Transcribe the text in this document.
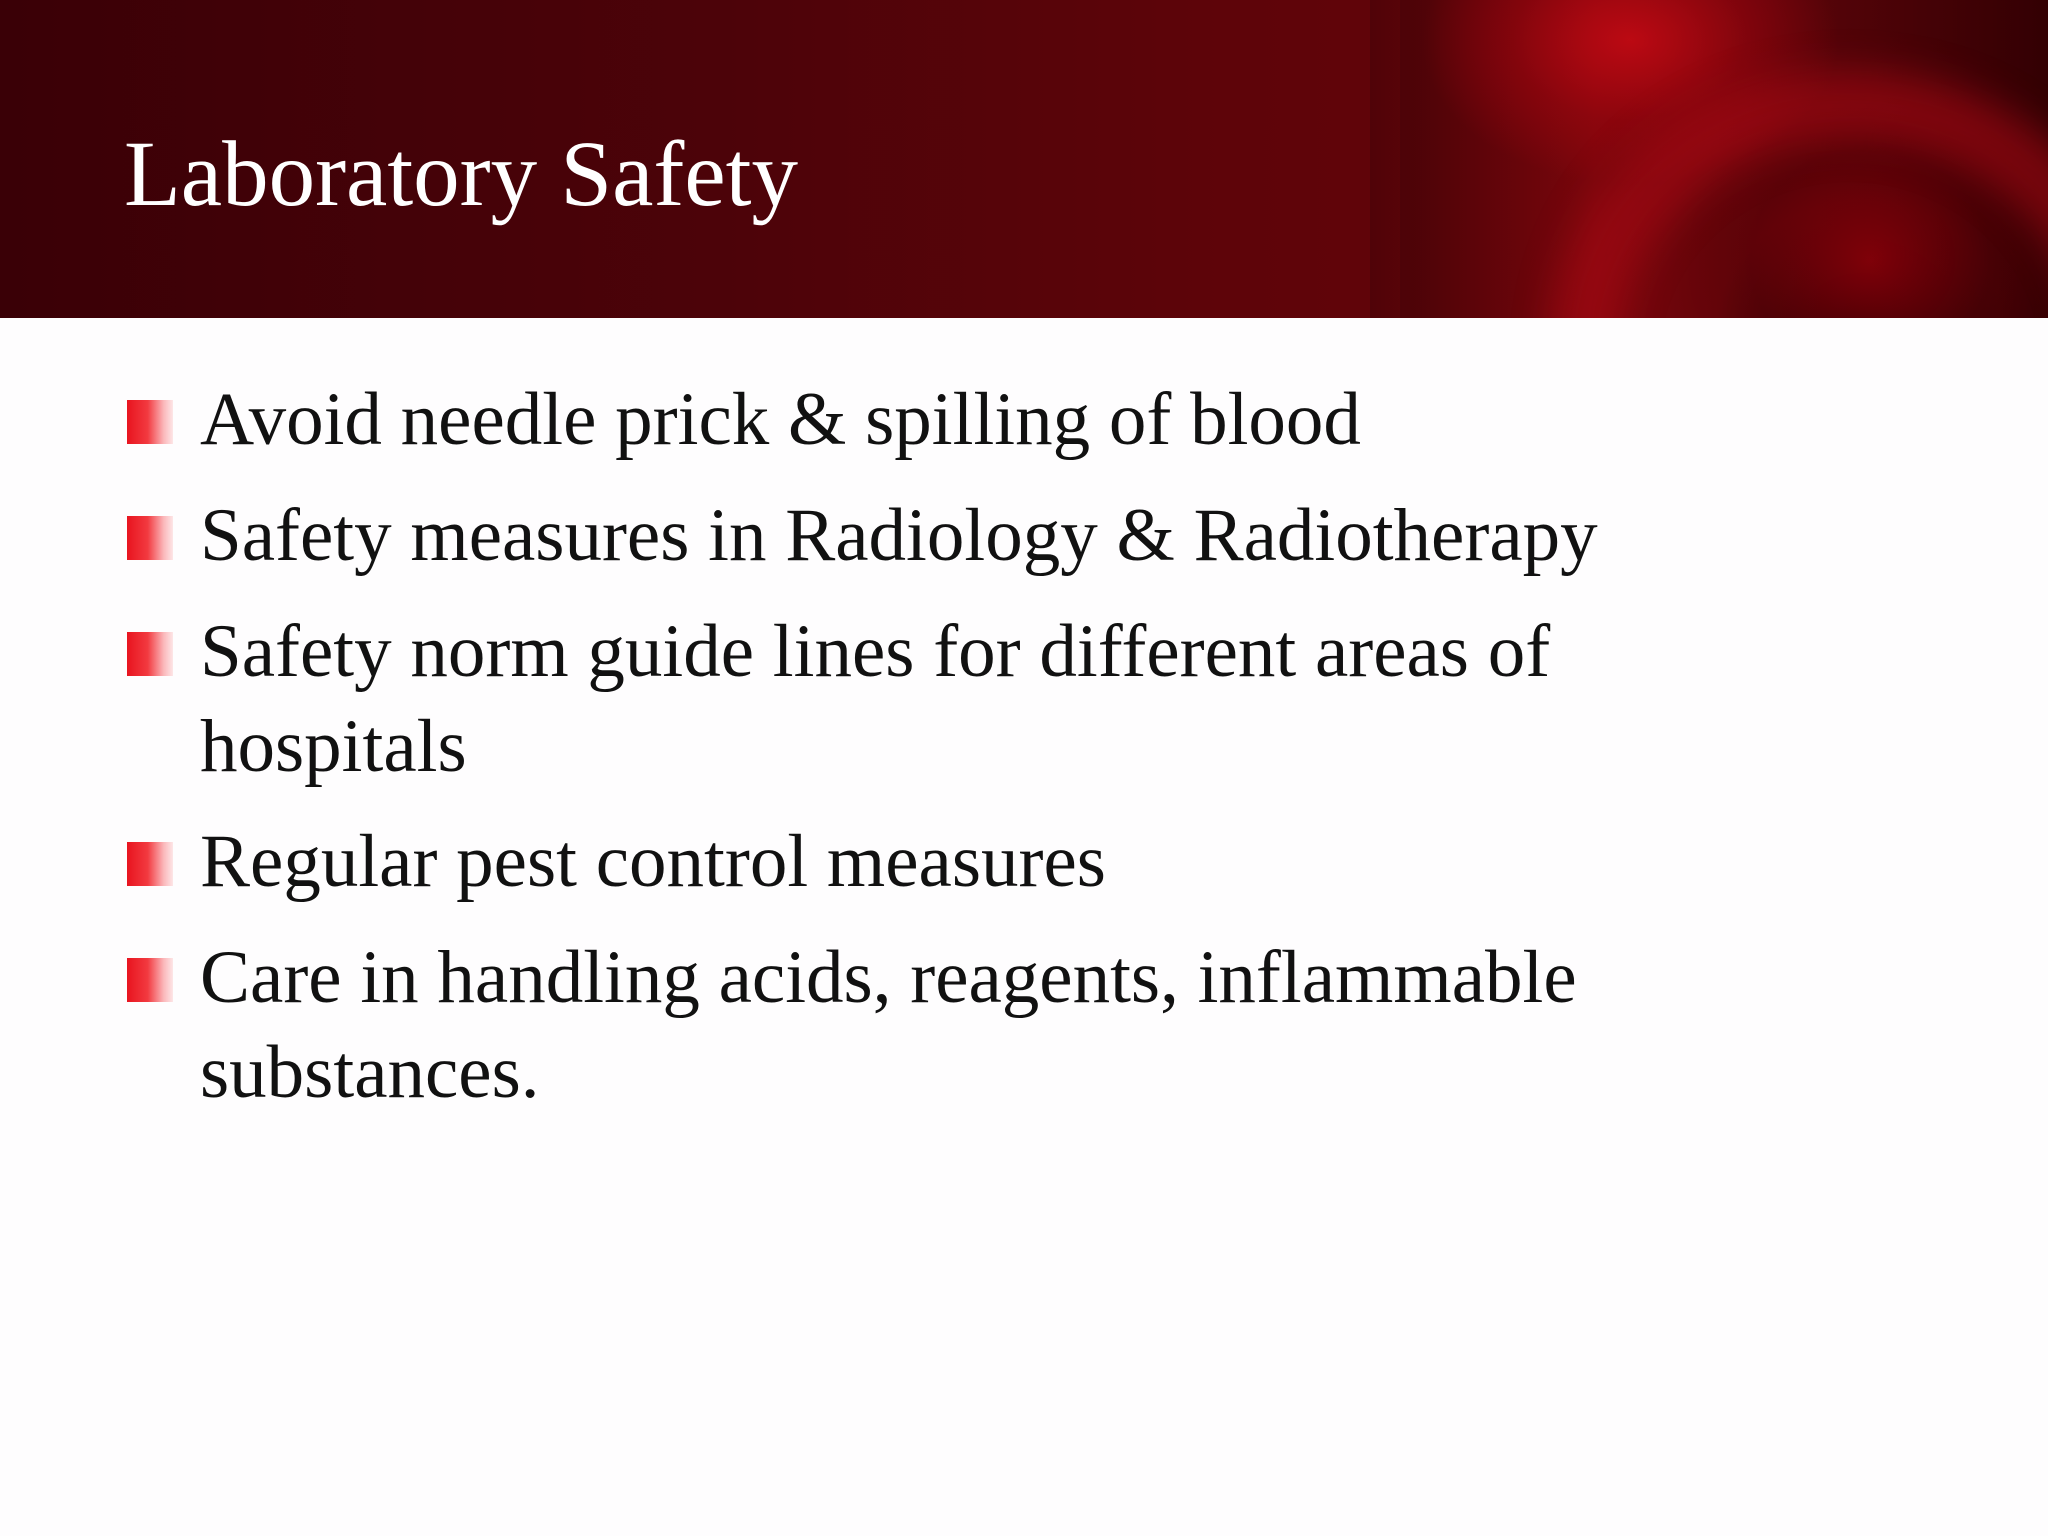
Laboratory Safety
Avoid needle prick & spilling of blood
Safety measures in Radiology & Radiotherapy
Safety norm guide lines for different areas of hospitals
Regular pest control measures
Care in handling acids, reagents, inflammable substances.
